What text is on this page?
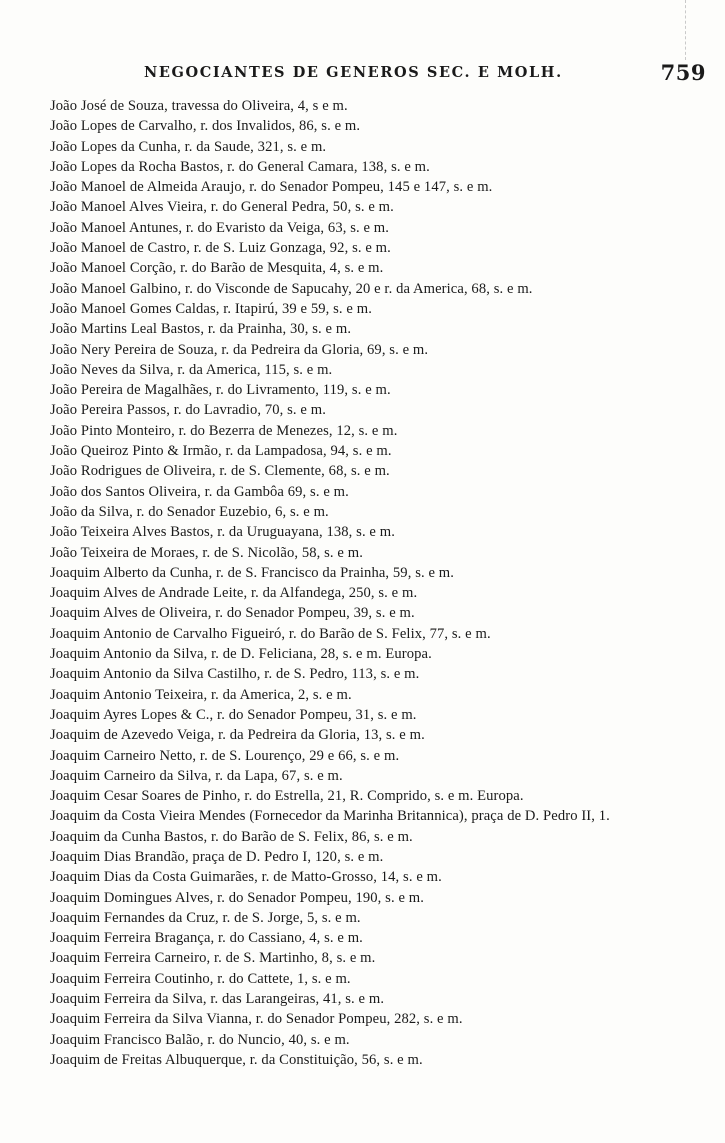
NEGOCIANTES DE GENEROS SEC. E MOLH.	759
João José de Souza, travessa do Oliveira, 4, s e m.
João Lopes de Carvalho, r. dos Invalidos, 86, s. e m.
João Lopes da Cunha, r. da Saude, 321, s. e m.
João Lopes da Rocha Bastos, r. do General Camara, 138, s. e m.
João Manoel de Almeida Araujo, r. do Senador Pompeu, 145 e 147, s. e m.
João Manoel Alves Vieira, r. do General Pedra, 50, s. e m.
João Manoel Antunes, r. do Evaristo da Veiga, 63, s. e m.
João Manoel de Castro, r. de S. Luiz Gonzaga, 92, s. e m.
João Manoel Corção, r. do Barão de Mesquita, 4, s. e m.
João Manoel Galbino, r. do Visconde de Sapucahy, 20 e r. da America, 68, s. e m.
João Manoel Gomes Caldas, r. Itapirú, 39 e 59, s. e m.
João Martins Leal Bastos, r. da Prainha, 30, s. e m.
João Nery Pereira de Souza, r. da Pedreira da Gloria, 69, s. e m.
João Neves da Silva, r. da America, 115, s. e m.
João Pereira de Magalhães, r. do Livramento, 119, s. e m.
João Pereira Passos, r. do Lavradio, 70, s. e m.
João Pinto Monteiro, r. do Bezerra de Menezes, 12, s. e m.
João Queiroz Pinto & Irmão, r. da Lampadosa, 94, s. e m.
João Rodrigues de Oliveira, r. de S. Clemente, 68, s. e m.
João dos Santos Oliveira, r. da Gambôa 69, s. e m.
João da Silva, r. do Senador Euzebio, 6, s. e m.
João Teixeira Alves Bastos, r. da Uruguayana, 138, s. e m.
João Teixeira de Moraes, r. de S. Nicolão, 58, s. e m.
Joaquim Alberto da Cunha, r. de S. Francisco da Prainha, 59, s. e m.
Joaquim Alves de Andrade Leite, r. da Alfandega, 250, s. e m.
Joaquim Alves de Oliveira, r. do Senador Pompeu, 39, s. e m.
Joaquim Antonio de Carvalho Figueiró, r. do Barão de S. Felix, 77, s. e m.
Joaquim Antonio da Silva, r. de D. Feliciana, 28, s. e m. Europa.
Joaquim Antonio da Silva Castilho, r. de S. Pedro, 113, s. e m.
Joaquim Antonio Teixeira, r. da America, 2, s. e m.
Joaquim Ayres Lopes & C., r. do Senador Pompeu, 31, s. e m.
Joaquim de Azevedo Veiga, r. da Pedreira da Gloria, 13, s. e m.
Joaquim Carneiro Netto, r. de S. Lourenço, 29 e 66, s. e m.
Joaquim Carneiro da Silva, r. da Lapa, 67, s. e m.
Joaquim Cesar Soares de Pinho, r. do Estrella, 21, R. Comprido, s. e m. Europa.
Joaquim da Costa Vieira Mendes (Fornecedor da Marinha Britannica), praça de D. Pedro II, 1.
Joaquim da Cunha Bastos, r. do Barão de S. Felix, 86, s. e m.
Joaquim Dias Brandão, praça de D. Pedro I, 120, s. e m.
Joaquim Dias da Costa Guimarães, r. de Matto-Grosso, 14, s. e m.
Joaquim Domingues Alves, r. do Senador Pompeu, 190, s. e m.
Joaquim Fernandes da Cruz, r. de S. Jorge, 5, s. e m.
Joaquim Ferreira Bragança, r. do Cassiano, 4, s. e m.
Joaquim Ferreira Carneiro, r. de S. Martinho, 8, s. e m.
Joaquim Ferreira Coutinho, r. do Cattete, 1, s. e m.
Joaquim Ferreira da Silva, r. das Larangeiras, 41, s. e m.
Joaquim Ferreira da Silva Vianna, r. do Senador Pompeu, 282, s. e m.
Joaquim Francisco Balão, r. do Nuncio, 40, s. e m.
Joaquim de Freitas Albuquerque, r. da Constituição, 56, s. e m.
